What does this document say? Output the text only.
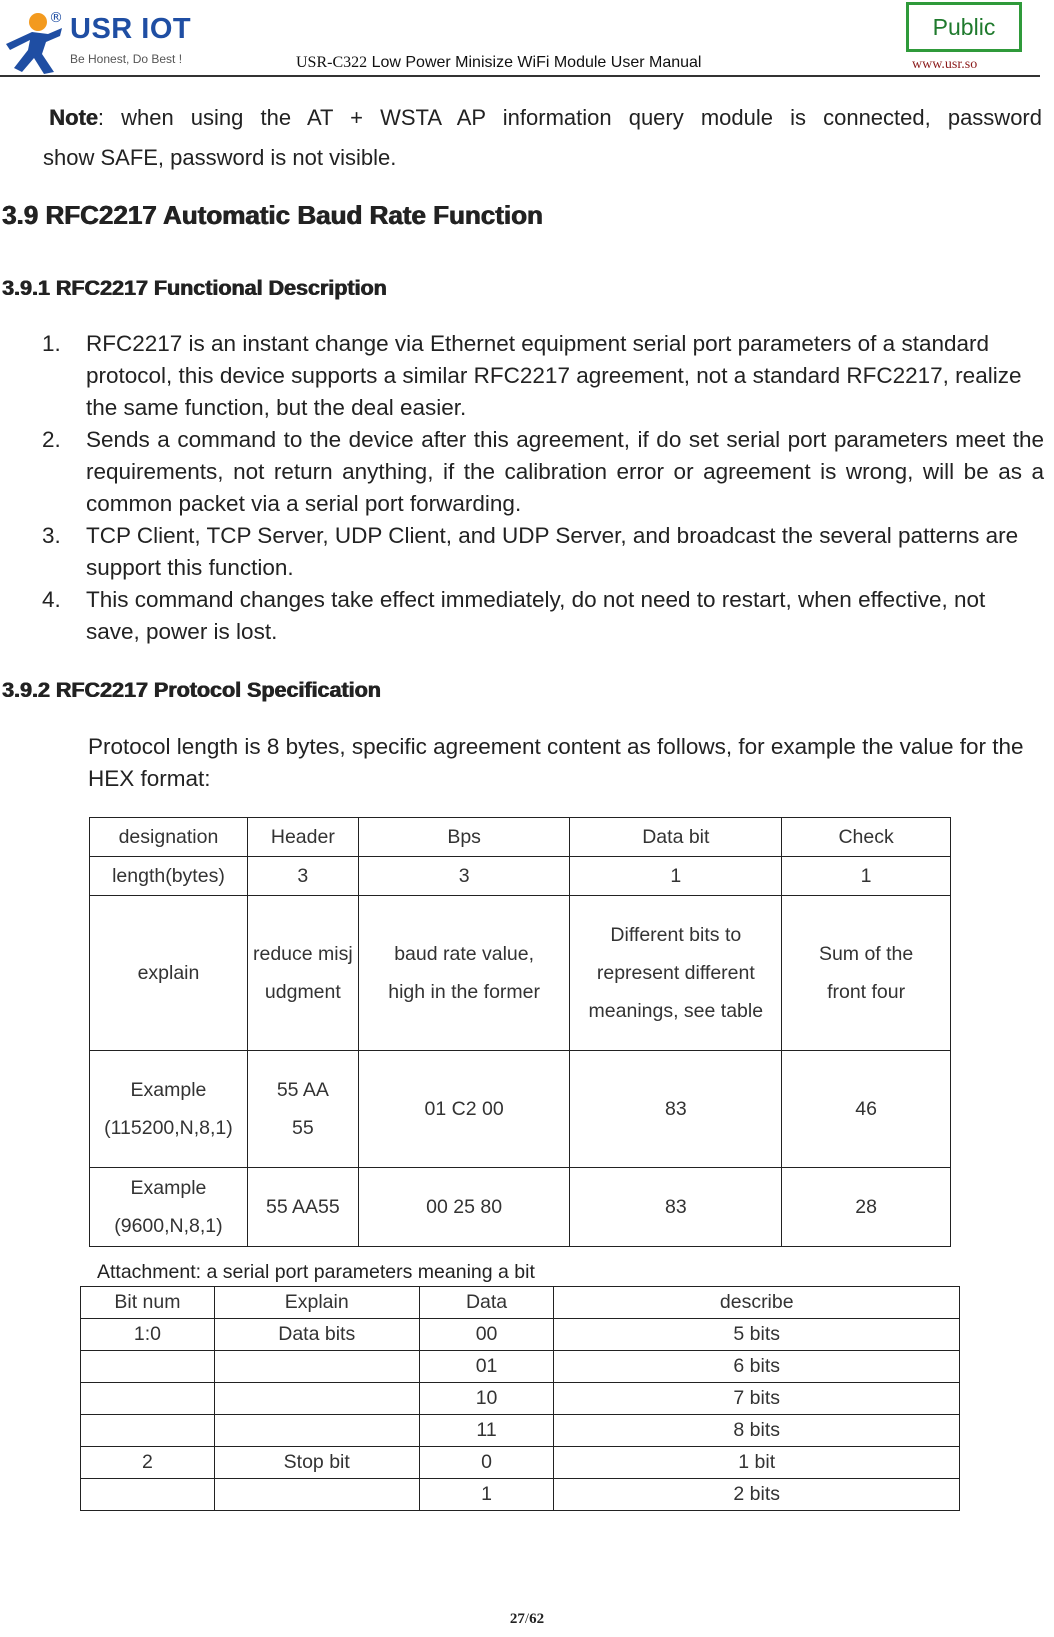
® USR IOT
Be Honest, Do Best !	USR-C322 Low Power Minisize WiFi Module User Manual
Public
www.usr.so
Note: when using the AT + WSTA AP information query module is connected, password
show SAFE, password is not visible.
3.9 RFC2217 Automatic Baud Rate Function
3.9.1 RFC2217 Functional Description
1. RFC2217 is an instant change via Ethernet equipment serial port parameters of a standard protocol, this device supports a similar RFC2217 agreement, not a standard RFC2217, realize the same function, but the deal easier.
2. Sends a command to the device after this agreement, if do set serial port parameters meet the requirements, not return anything, if the calibration error or agreement is wrong, will be as a common packet via a serial port forwarding.
3. TCP Client, TCP Server, UDP Client, and UDP Server, and broadcast the several patterns are support this function.
4. This command changes take effect immediately, do not need to restart, when effective, not save, power is lost.
3.9.2 RFC2217 Protocol Specification
Protocol length is 8 bytes, specific agreement content as follows, for example the value for the HEX format:
designation	Header	Bps	Data bit	Check
length(bytes)	3	3	1	1
explain	reduce misjudgment	baud rate value, high in the former	Different bits to represent different meanings, see table	Sum of the front four
Example (115200,N,8,1)	55 AA 55	01 C2 00	83	46
Example (9600,N,8,1)	55 AA55	00 25 80	83	28
Attachment: a serial port parameters meaning a bit
Bit num	Explain	Data	describe
1:0	Data bits	00	5 bits
		01	6 bits
		10	7 bits
		11	8 bits
2	Stop bit	0	1 bit
		1	2 bits
27/62
